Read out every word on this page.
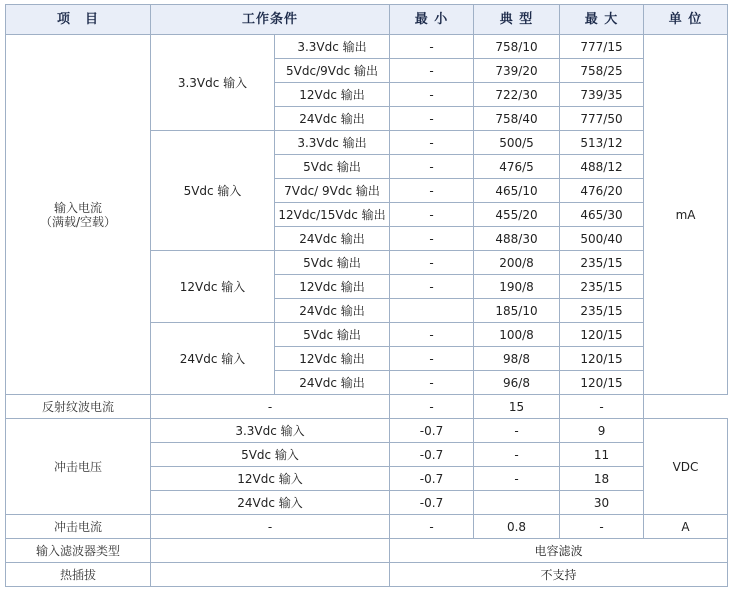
项　目	工作条件		最 小	典 型	最 大	单 位

输入电流
（满载/空载）	3.3Vdc 输入	3.3Vdc 输出	-	758/10	777/15	mA
		5Vdc/9Vdc 输出	-	739/20	758/25	
		12Vdc 输出	-	722/30	739/35	
		24Vdc 输出	-	758/40	777/50	
	5Vdc 输入	3.3Vdc 输出	-	500/5	513/12	
		5Vdc 输出	-	476/5	488/12	
		7Vdc/ 9Vdc 输出	-	465/10	476/20	
		12Vdc/15Vdc 输出	-	455/20	465/30	
		24Vdc 输出	-	488/30	500/40	
	12Vdc 输入	5Vdc 输出	-	200/8	235/15	
		12Vdc 输出	-	190/8	235/15	
		24Vdc 输出		185/10	235/15	
	24Vdc 输入	5Vdc 输出	-	100/8	120/15	
		12Vdc 输出	-	98/8	120/15	
		24Vdc 输出	-	96/8	120/15	
反射纹波电流	-		-	15	-	
冲击电压	3.3Vdc 输入		-0.7	-	9	VDC
	5Vdc 输入		-0.7	-	11	
	12Vdc 输入		-0.7	-	18	
	24Vdc 输入		-0.7		30	
冲击电流	-		-	0.8	-	A
输入滤波器类型			电容滤波			
热插拔			不支持			
